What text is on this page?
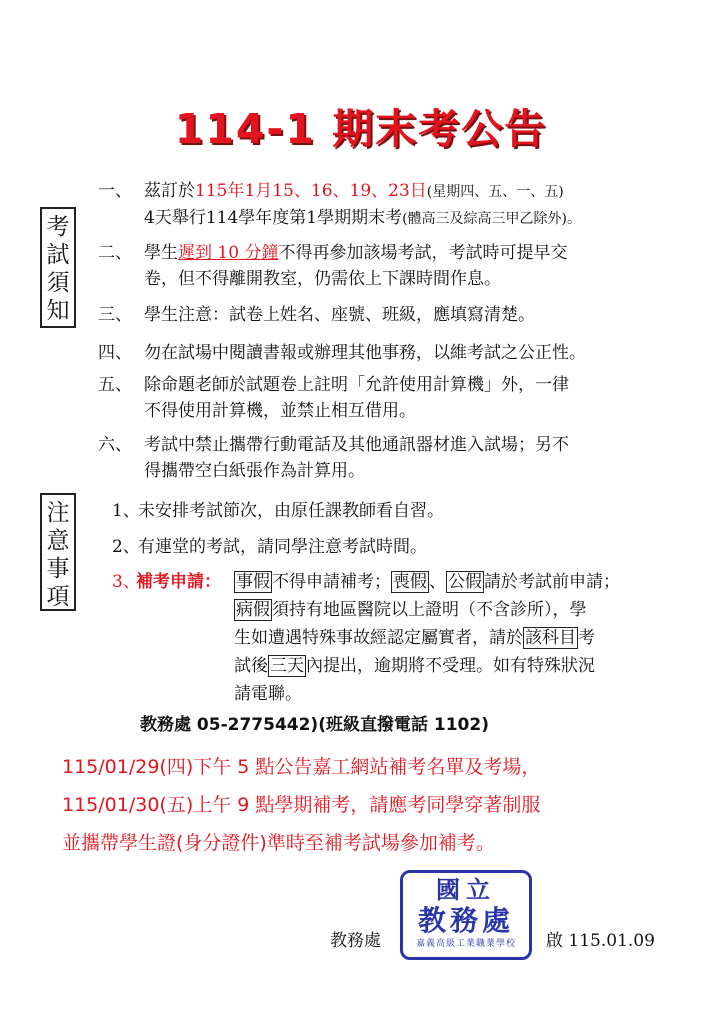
114-1 期末考公告
考
試
須
知
一、 茲訂於115年1月15、16、19、23日(星期四、五、一、五)
4天舉行114學年度第1學期期末考(體高三及綜高三甲乙除外)。
二、 學生遲到 10 分鐘不得再參加該場考試，考試時可提早交
卷，但不得離開教室，仍需依上下課時間作息。
三、 學生注意：試卷上姓名、座號、班級，應填寫清楚。
四、 勿在試場中閱讀書報或辦理其他事務，以維考試之公正性。
五、 除命題老師於試題卷上註明「允許使用計算機」外，一律
不得使用計算機，並禁止相互借用。
六、 考試中禁止攜帶行動電話及其他通訊器材進入試場；另不
得攜帶空白紙張作為計算用。
注
意
事
項
1、
未安排考試節次，由原任課教師看自習。
2、
有連堂的考試，請同學注意考試時間。
3、
補考申請： 事假 不得申請補考； 喪假 、 公假 請於考試前申請；
病假 須持有地區醫院以上證明（不含診所），學
生如遭遇特殊事故經認定屬實者，請於 該科目 考
試後 三天 內提出，逾期將不受理。如有特殊狀況
請電聯。
教務處 05-2775442)(班級直撥電話 1102)
115/01/29(四)下午 5 點公告嘉工網站補考名單及考場，
115/01/30(五)上午 9 點學期補考，請應考同學穿著制服
並攜帶學生證(身分證件)準時至補考試場參加補考。
教務處
國立
教務處
嘉義高級工業職業學校	啟 115.01.09
